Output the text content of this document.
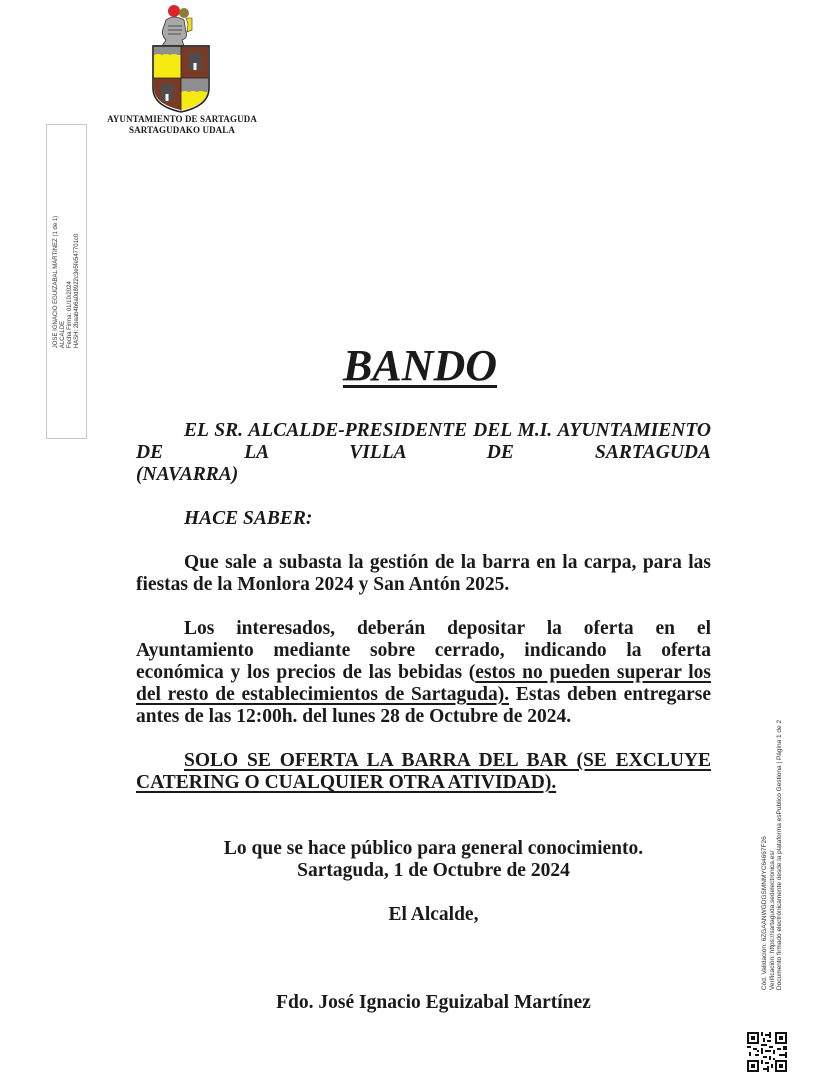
AYUNTAMIENTO DE SARTAGUDA
SARTAGUDAKO UDALA
JOSE IGNACIO EGUIZABAL MARTINEZ (1 de 1) ALCALDE Fecha Firma: 01/10/2024 HASH: 2baab4b6a0d8922c3e5fe547701c0
BANDO

EL SR. ALCALDE-PRESIDENTE DEL M.I. AYUNTAMIENTO DE LA VILLA DE SARTAGUDA
(NAVARRA)

HACE SABER:

Que sale a subasta la gestión de la barra en la carpa, para las fiestas de la Monlora 2024 y San Antón 2025.

Los interesados, deberán depositar la oferta en el Ayuntamiento mediante sobre cerrado, indicando la oferta económica y los precios de las bebidas (estos no pueden superar los del resto de establecimientos de Sartaguda). Estas deben entregarse antes de las 12:00h. del lunes 28 de Octubre de 2024.

SOLO SE OFERTA LA BARRA DEL BAR (SE EXCLUYE CATERING O CUALQUIER OTRA ATIVIDAD).

Lo que se hace público para general conocimiento.

Sartaguda, 1 de Octubre de 2024

El Alcalde,

Fdo. José Ignacio Eguizabal Martínez

Cód. Validación: 6ZGAANWGDGSMNMYC64667F26 Verificación: https://sartaguda.sedelectronica.es/ Documento firmado electrónicamente desde la plataforma esPublico Gestiona | Página 1 de 2
